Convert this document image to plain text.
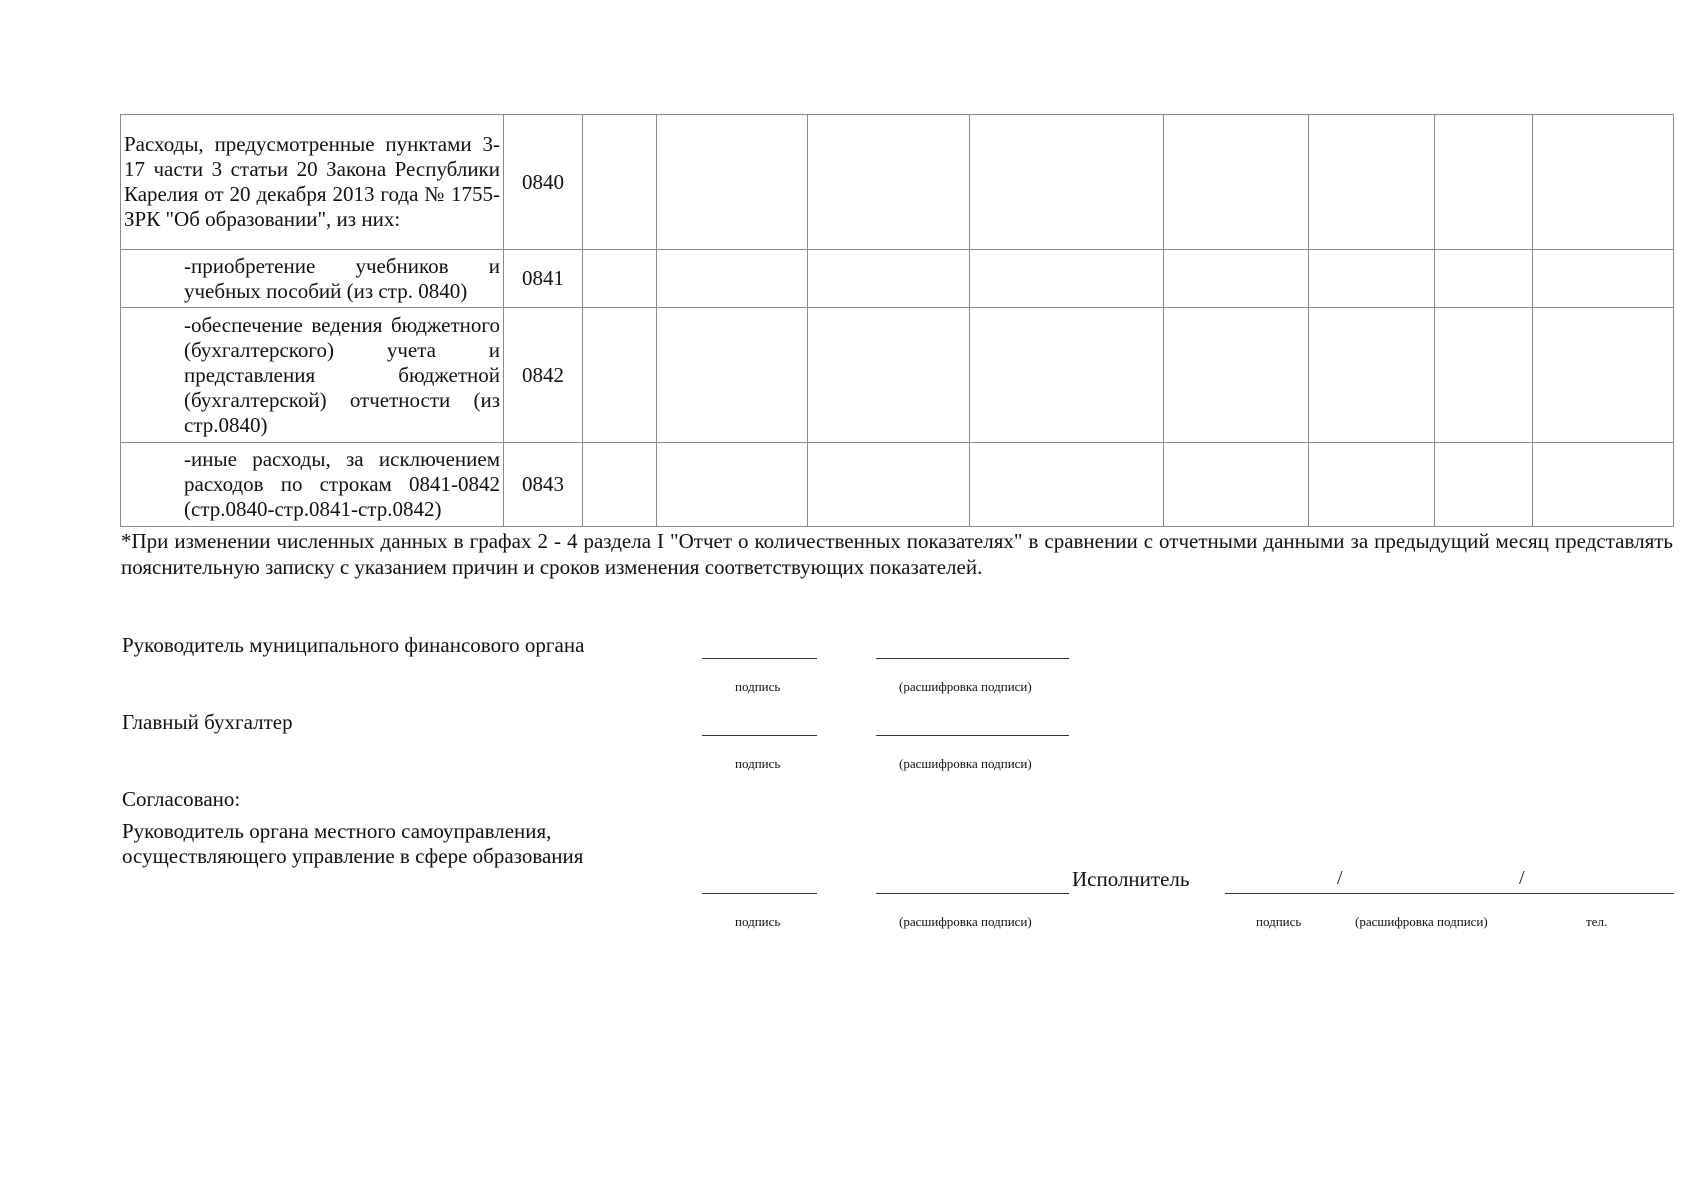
Расходы, предусмотренные пунктами 3-17 части 3 статьи 20 Закона Республики Карелия от 20 декабря 2013 года № 1755-ЗРК "Об образовании", из них:	0840								
-приобретение учебников и учебных пособий (из стр. 0840)	0841								
-обеспечение ведения бюджетного (бухгалтерского) учета и представления бюджетной (бухгалтерской) отчетности (из стр.0840)	0842								
-иные расходы, за исключением расходов по строкам 0841-0842 (стр.0840-стр.0841-стр.0842)	0843								
*При изменении численных данных в графах 2 - 4 раздела I "Отчет о количественных показателях" в сравнении с отчетными данными за предыдущий месяц представлять пояснительную записку с указанием причин и сроков изменения соответствующих показателей.
Руководитель муниципального финансового органа
подпись	(расшифровка подписи)
Главный бухгалтер
подпись	(расшифровка подписи)
Согласовано:
Руководитель органа местного самоуправления,
осуществляющего управление в сфере образования
подпись	(расшифровка подписи)
Исполнитель	/	/
подпись	(расшифровка подписи)	тел.
